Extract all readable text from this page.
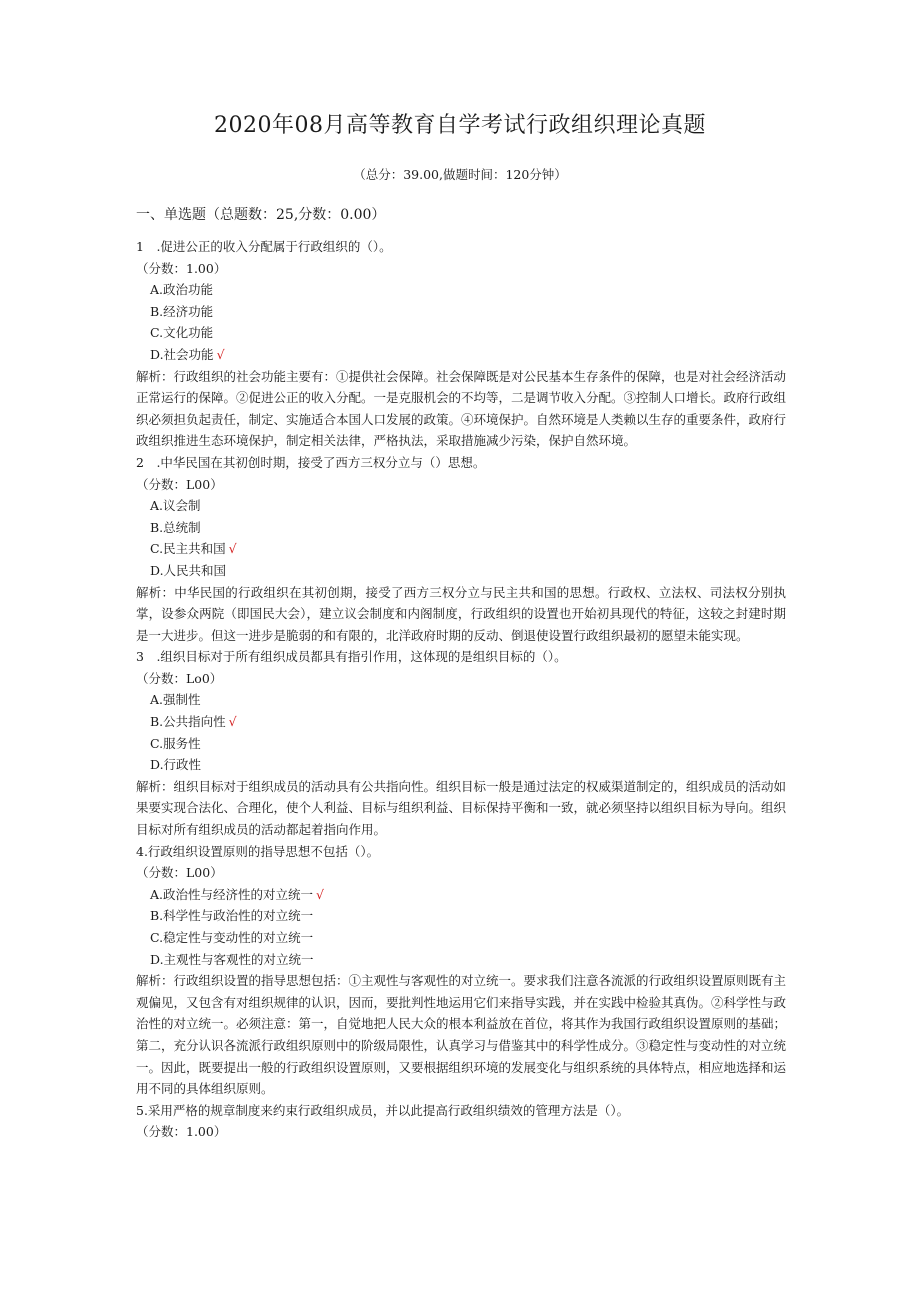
2020年08月高等教育自学考试行政组织理论真题
（总分：39.00,做题时间：120分钟）
一、单选题（总题数：25,分数：0.00）

1　.促进公正的收入分配属于行政组织的（）。

（分数：1.00）

A.政治功能

B.经济功能

C.文化功能

D.社会功能 √

解析：行政组织的社会功能主要有：①提供社会保障。社会保障既是对公民基本生存条件的保障，也是对社会经济活动正常运行的保障。②促进公正的收入分配。一是克服机会的不均等，二是调节收入分配。③控制人口增长。政府行政组织必须担负起责任，制定、实施适合本国人口发展的政策。④环境保护。自然环境是人类赖以生存的重要条件，政府行政组织推进生态环境保护，制定相关法律，严格执法，采取措施减少污染，保护自然环境。

2　.中华民国在其初创时期，接受了西方三权分立与（）思想。

（分数：L00）

A.议会制

B.总统制

C.民主共和国 √

D.人民共和国

解析：中华民国的行政组织在其初创期，接受了西方三权分立与民主共和国的思想。行政权、立法权、司法权分别执掌，设参众两院（即国民大会），建立议会制度和内阁制度，行政组织的设置也开始初具现代的特征，这较之封建时期是一大进步。但这一进步是脆弱的和有限的，北洋政府时期的反动、倒退使设置行政组织最初的愿望未能实现。

3　.组织目标对于所有组织成员都具有指引作用，这体现的是组织目标的（）。

（分数：Lo0）

A.强制性

B.公共指向性 √

C.服务性

D.行政性

解析：组织目标对于组织成员的活动具有公共指向性。组织目标一般是通过法定的权威渠道制定的，组织成员的活动如果要实现合法化、合理化，使个人利益、目标与组织利益、目标保持平衡和一致，就必须坚持以组织目标为导向。组织目标对所有组织成员的活动都起着指向作用。

4.行政组织设置原则的指导思想不包括（）。

（分数：L00）

A.政治性与经济性的对立统一 √

B.科学性与政治性的对立统一

C.稳定性与变动性的对立统一

D.主观性与客观性的对立统一

解析：行政组织设置的指导思想包括：①主观性与客观性的对立统一。要求我们注意各流派的行政组织设置原则既有主观偏见，又包含有对组织规律的认识，因而，要批判性地运用它们来指导实践，并在实践中检验其真伪。②科学性与政治性的对立统一。必须注意：第一，自觉地把人民大众的根本利益放在首位，将其作为我国行政组织设置原则的基础；第二，充分认识各流派行政组织原则中的阶级局限性，认真学习与借鉴其中的科学性成分。③稳定性与变动性的对立统一。因此，既要提出一般的行政组织设置原则，又要根据组织环境的发展变化与组织系统的具体特点，相应地选择和运用不同的具体组织原则。

5.采用严格的规章制度来约束行政组织成员，并以此提高行政组织绩效的管理方法是（）。

（分数：1.00）
